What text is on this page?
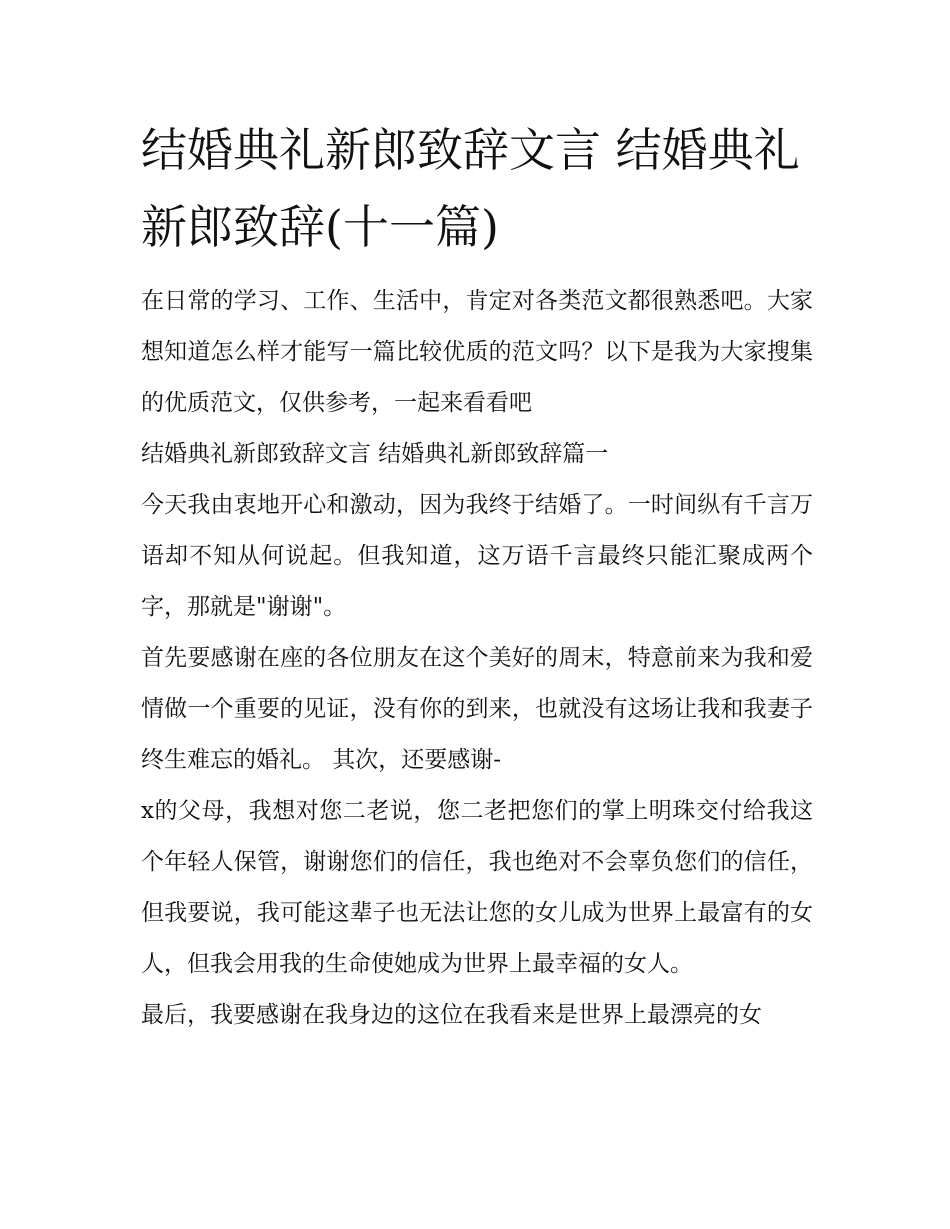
结婚典礼新郎致辞文言 结婚典礼新郎致辞(十一篇)

在日常的学习、工作、生活中，肯定对各类范文都很熟悉吧。大家想知道怎么样才能写一篇比较优质的范文吗？以下是我为大家搜集的优质范文，仅供参考，一起来看看吧

结婚典礼新郎致辞文言 结婚典礼新郎致辞篇一

今天我由衷地开心和激动，因为我终于结婚了。一时间纵有千言万语却不知从何说起。但我知道，这万语千言最终只能汇聚成两个字，那就是"谢谢"。

首先要感谢在座的各位朋友在这个美好的周末，特意前来为我和爱情做一个重要的见证，没有你的到来，也就没有这场让我和我妻子终生难忘的婚礼。 其次，还要感谢-

x的父母，我想对您二老说，您二老把您们的掌上明珠交付给我这个年轻人保管，谢谢您们的信任，我也绝对不会辜负您们的信任，但我要说，我可能这辈子也无法让您的女儿成为世界上最富有的女人，但我会用我的生命使她成为世界上最幸福的女人。

最后，我要感谢在我身边的这位在我看来是世界上最漂亮的女
